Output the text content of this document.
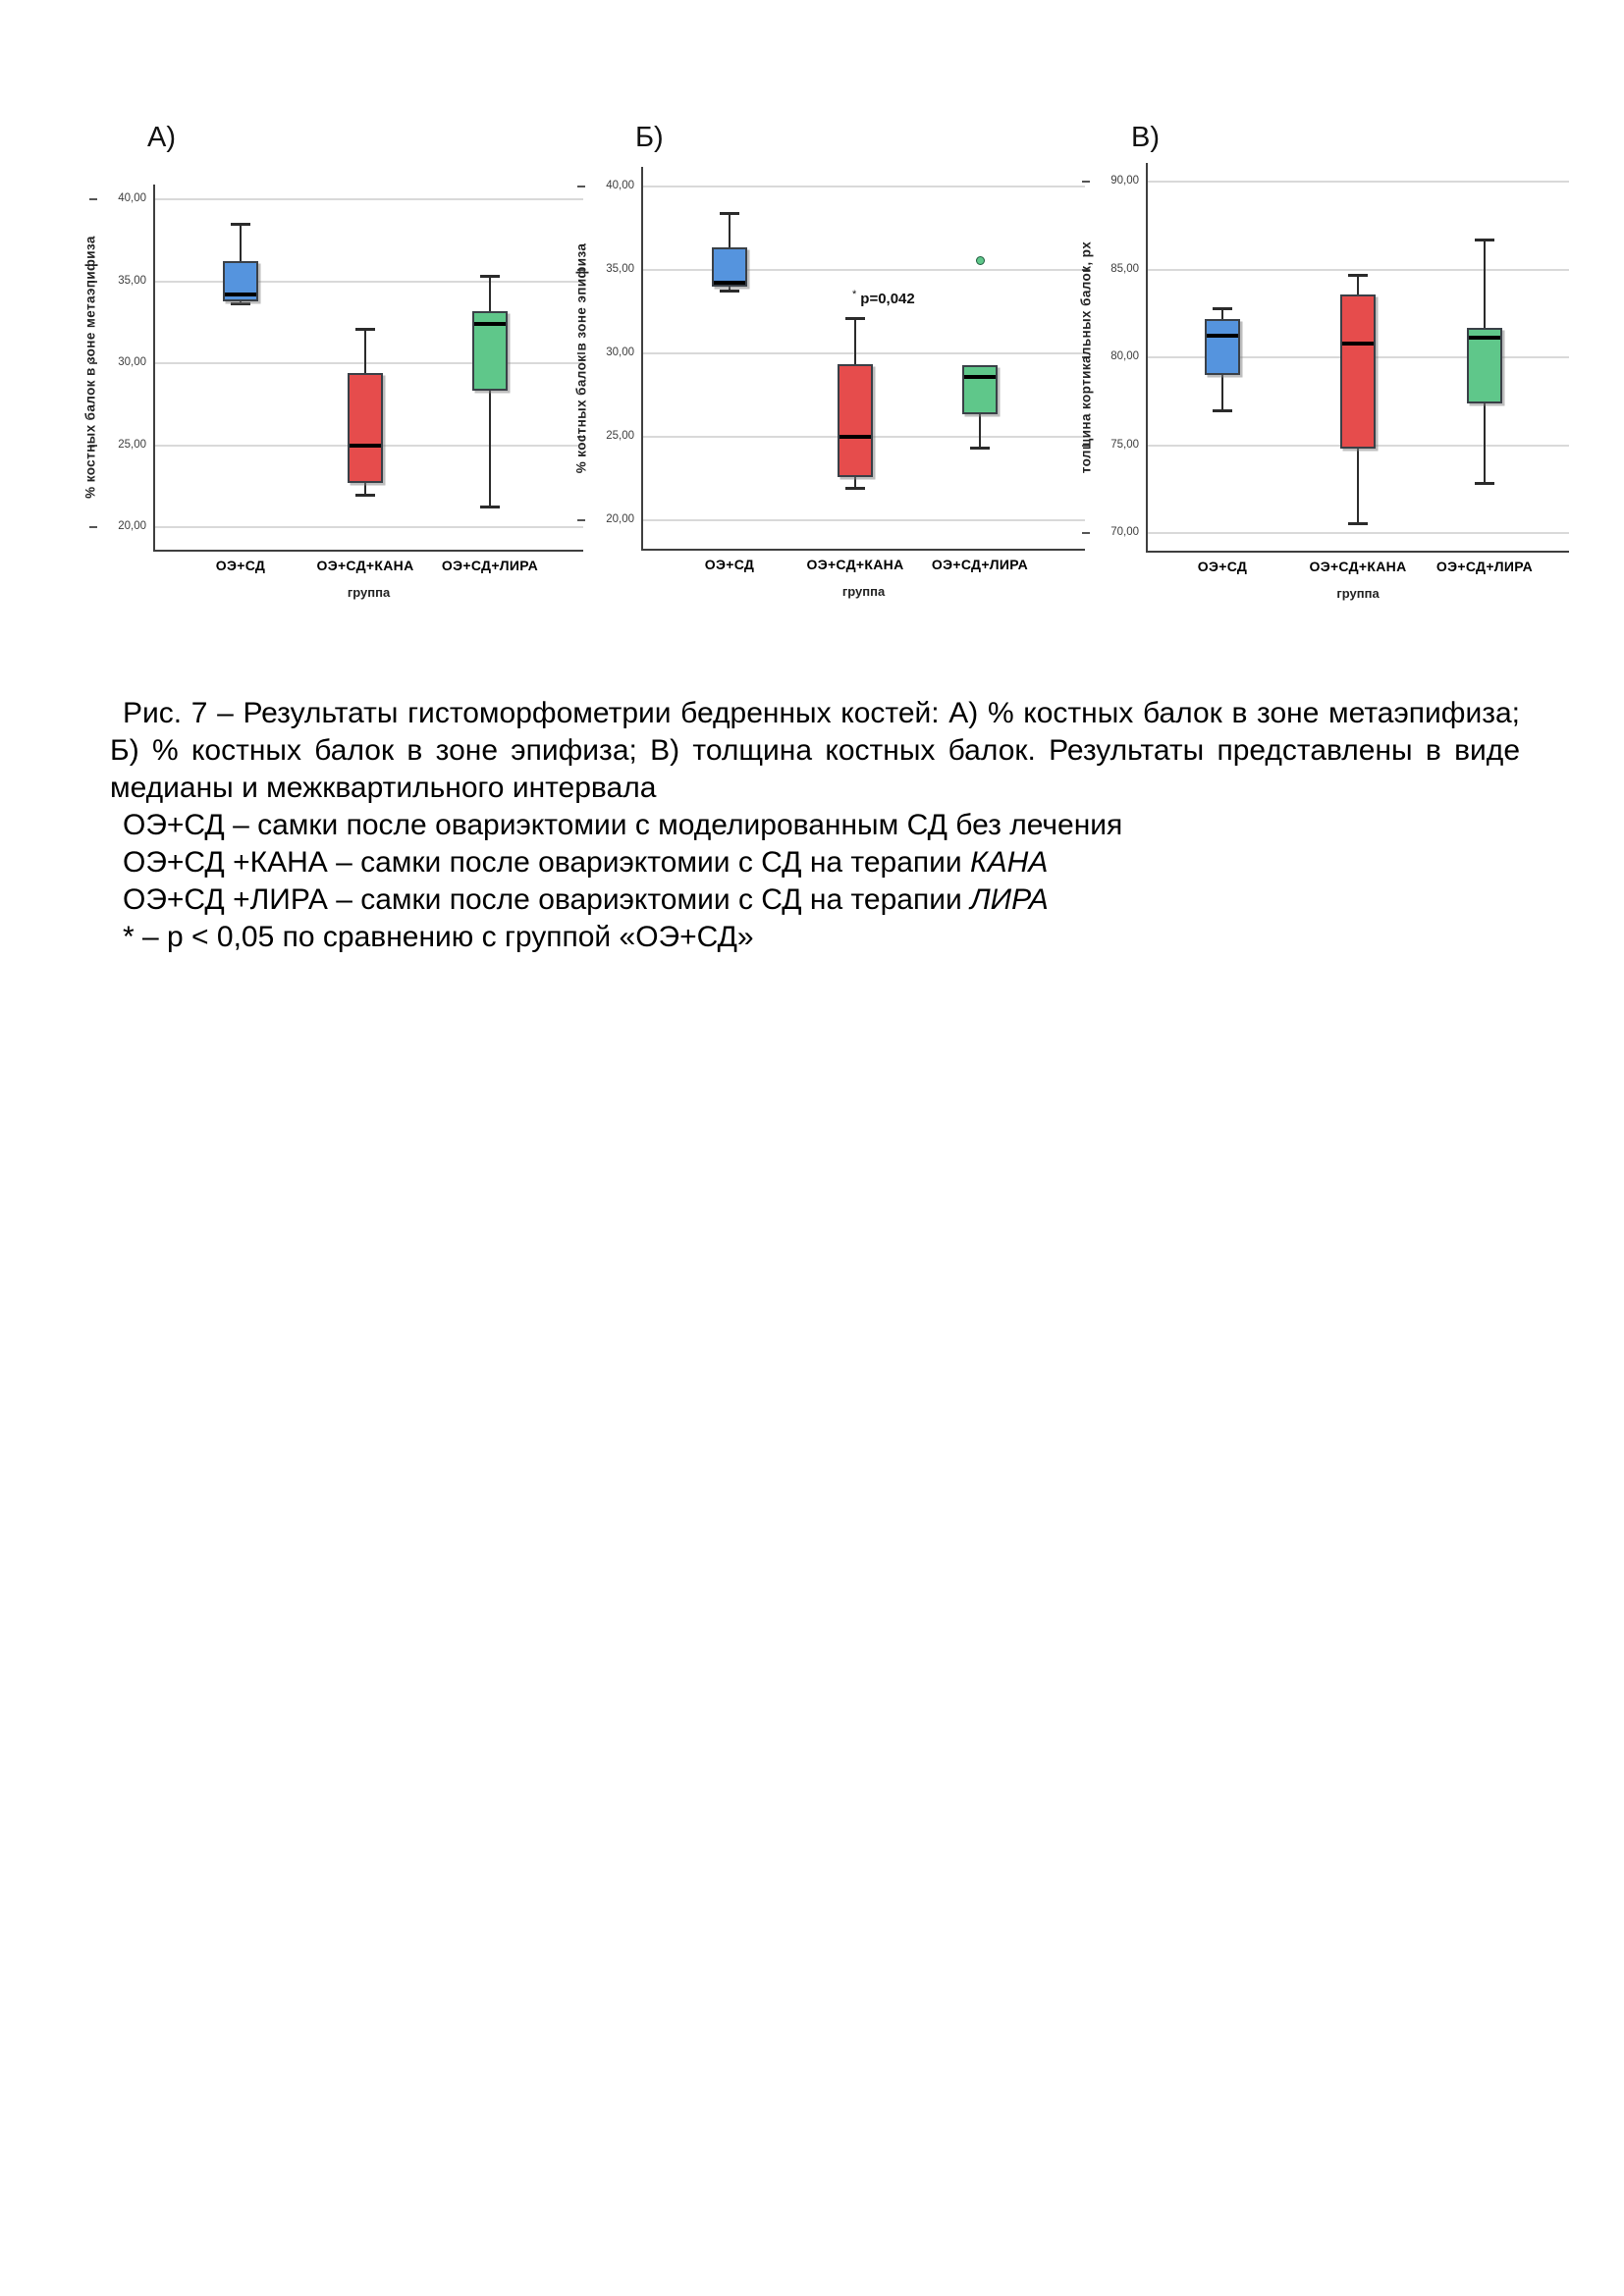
А)
20,00
25,00
30,00
35,00
40,00
ОЭ+СД	ОЭ+СД+КАНА	ОЭ+СД+ЛИРА
группа
% костных балок в зоне метаэпифиза
Б)
20,00
25,00
30,00
35,00
40,00
* p=0,042
ОЭ+СД	ОЭ+СД+КАНА	ОЭ+СД+ЛИРА
группа
% костных балок в зоне эпифиза
В)
70,00
75,00
80,00
85,00
90,00
ОЭ+СД	ОЭ+СД+КАНА	ОЭ+СД+ЛИРА
группа
толщина кортикальных балок, px

Рис. 7 – Результаты гистоморфометрии бедренных костей: А) % костных балок в зоне метаэпифиза; Б) % костных балок в зоне эпифиза; В) толщина костных балок. Результаты представлены в виде медианы и межквартильного интервала

ОЭ+СД – самки после овариэктомии с моделированным СД без лечения

ОЭ+СД +КАНА – самки после овариэктомии с СД на терапии КАНА

ОЭ+СД +ЛИРА – самки после овариэктомии с СД на терапии ЛИРА

* – р < 0,05 по сравнению с группой «ОЭ+СД»
